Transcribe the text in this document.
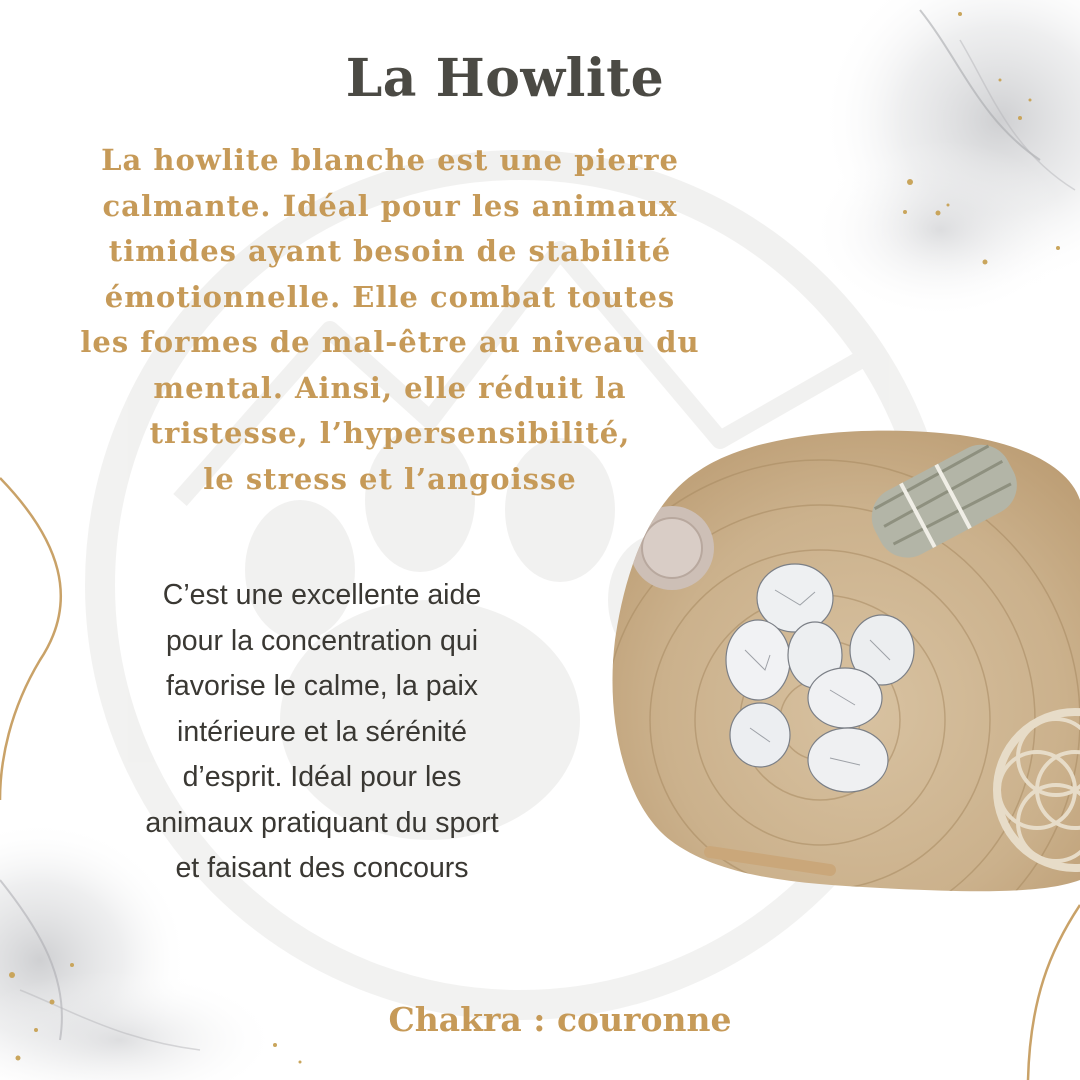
La Howlite

La howlite blanche est une pierre
calmante. Idéal pour les animaux
timides ayant besoin de stabilité
émotionnelle. Elle combat toutes
les formes de mal-être au niveau du
mental. Ainsi, elle réduit la
tristesse, l’hypersensibilité,
le stress et l’angoisse

C’est une excellente aide
pour la concentration qui
favorise le calme, la paix
intérieure et la sérénité
d’esprit. Idéal pour les
animaux pratiquant du sport
et faisant des concours

Chakra : couronne
